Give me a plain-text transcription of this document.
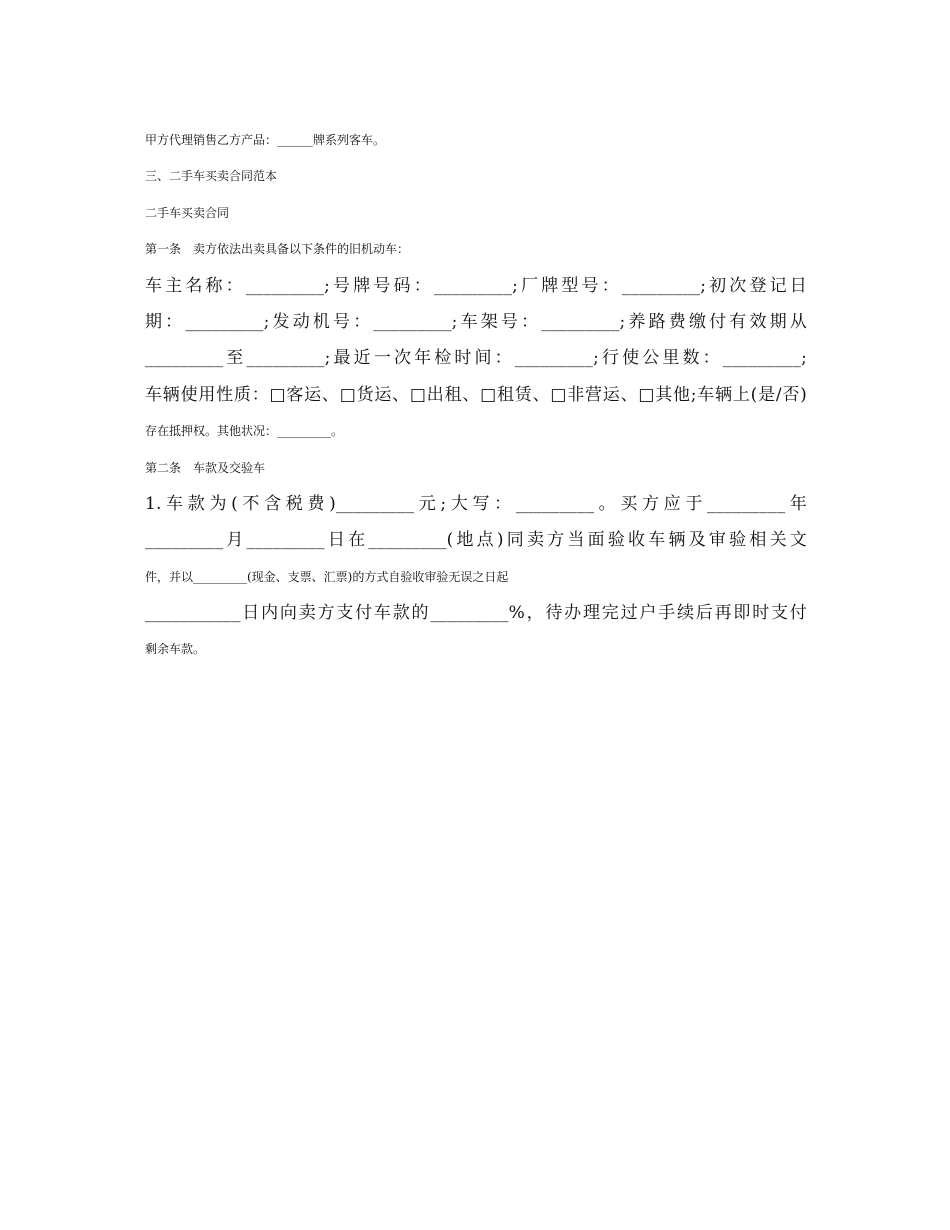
甲方代理销售乙方产品：______牌系列客车。
三、二手车买卖合同范本
二手车买卖合同
第一条　卖方依法出卖具备以下条件的旧机动车：
车主名称：_________;号牌号码：_________;厂牌型号：_________;初次登记日
期：_________;发动机号：_________;车架号：_________;养路费缴付有效期从
_________至_________;最近一次年检时间：_________;行使公里数：_________;
车辆使用性质：□客运、□货运、□出租、□租赁、□非营运、□其他;车辆上(是/否)
存在抵押权。其他状况：_________。
第二条　车款及交验车
1.车款为(不含税费)_________元;大写：_________。买方应于_________年
_________月_________日在_________(地点)同卖方当面验收车辆及审验相关文
件，并以_________(现金、支票、汇票)的方式自验收审验无误之日起
___________日内向卖方支付车款的_________%，待办理完过户手续后再即时支付
剩余车款。
